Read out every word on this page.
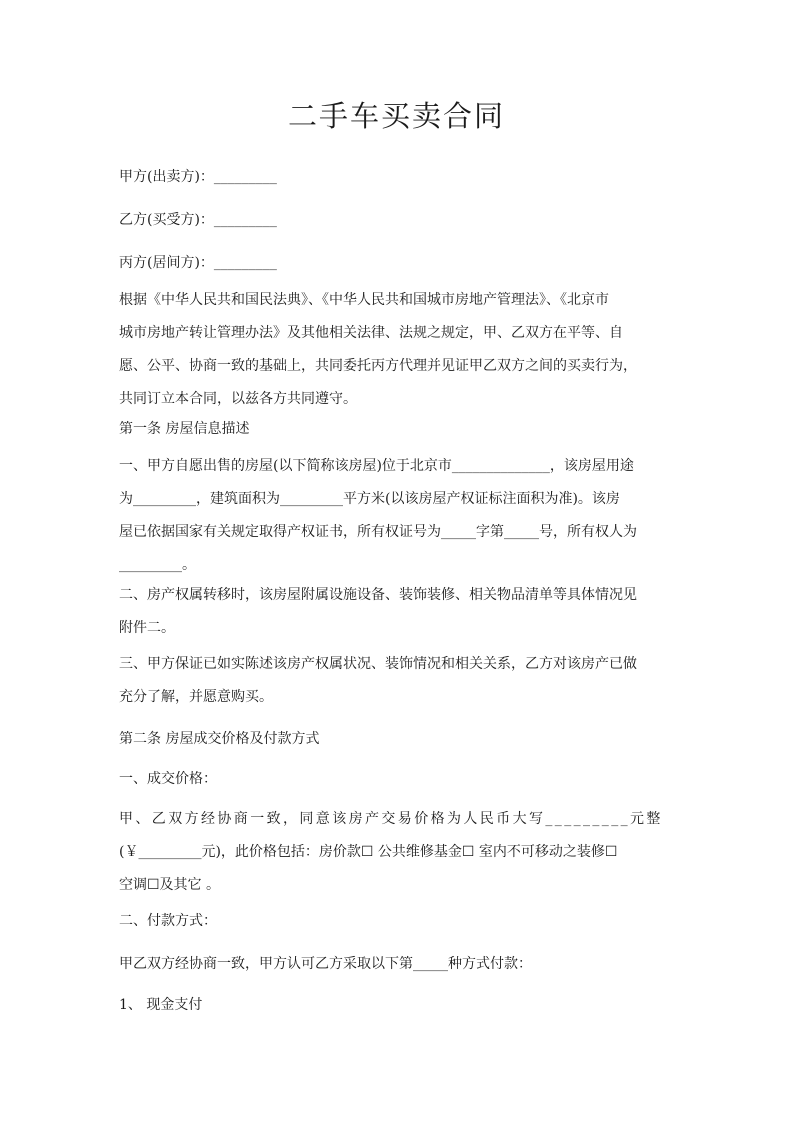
二手车买卖合同
甲方(出卖方)：_________
乙方(买受方)：_________
丙方(居间方)：_________
根据《中华人民共和国民法典》、《中华人民共和国城市房地产管理法》、《北京市
城市房地产转让管理办法》及其他相关法律、法规之规定，甲、乙双方在平等、自
愿、公平、协商一致的基础上，共同委托丙方代理并见证甲乙双方之间的买卖行为，
共同订立本合同，以兹各方共同遵守。
第一条 房屋信息描述
一、甲方自愿出售的房屋(以下简称该房屋)位于北京市______________，该房屋用途
为_________，建筑面积为_________平方米(以该房屋产权证标注面积为准)。该房
屋已依据国家有关规定取得产权证书，所有权证号为_____字第_____号，所有权人为
_________。
二、房产权属转移时，该房屋附属设施设备、装饰装修、相关物品清单等具体情况见
附件二。
三、甲方保证已如实陈述该房产权属状况、装饰情况和相关关系，乙方对该房产已做
充分了解，并愿意购买。
第二条 房屋成交价格及付款方式
一、成交价格：
甲、乙双方经协商一致，同意该房产交易价格为人民币大写_________元整
(￥_________元)，此价格包括：房价款☐ 公共维修基金☐ 室内不可移动之装修☐
空调☐及其它 。
二、付款方式：
甲乙双方经协商一致，甲方认可乙方采取以下第_____种方式付款：
1、 现金支付
